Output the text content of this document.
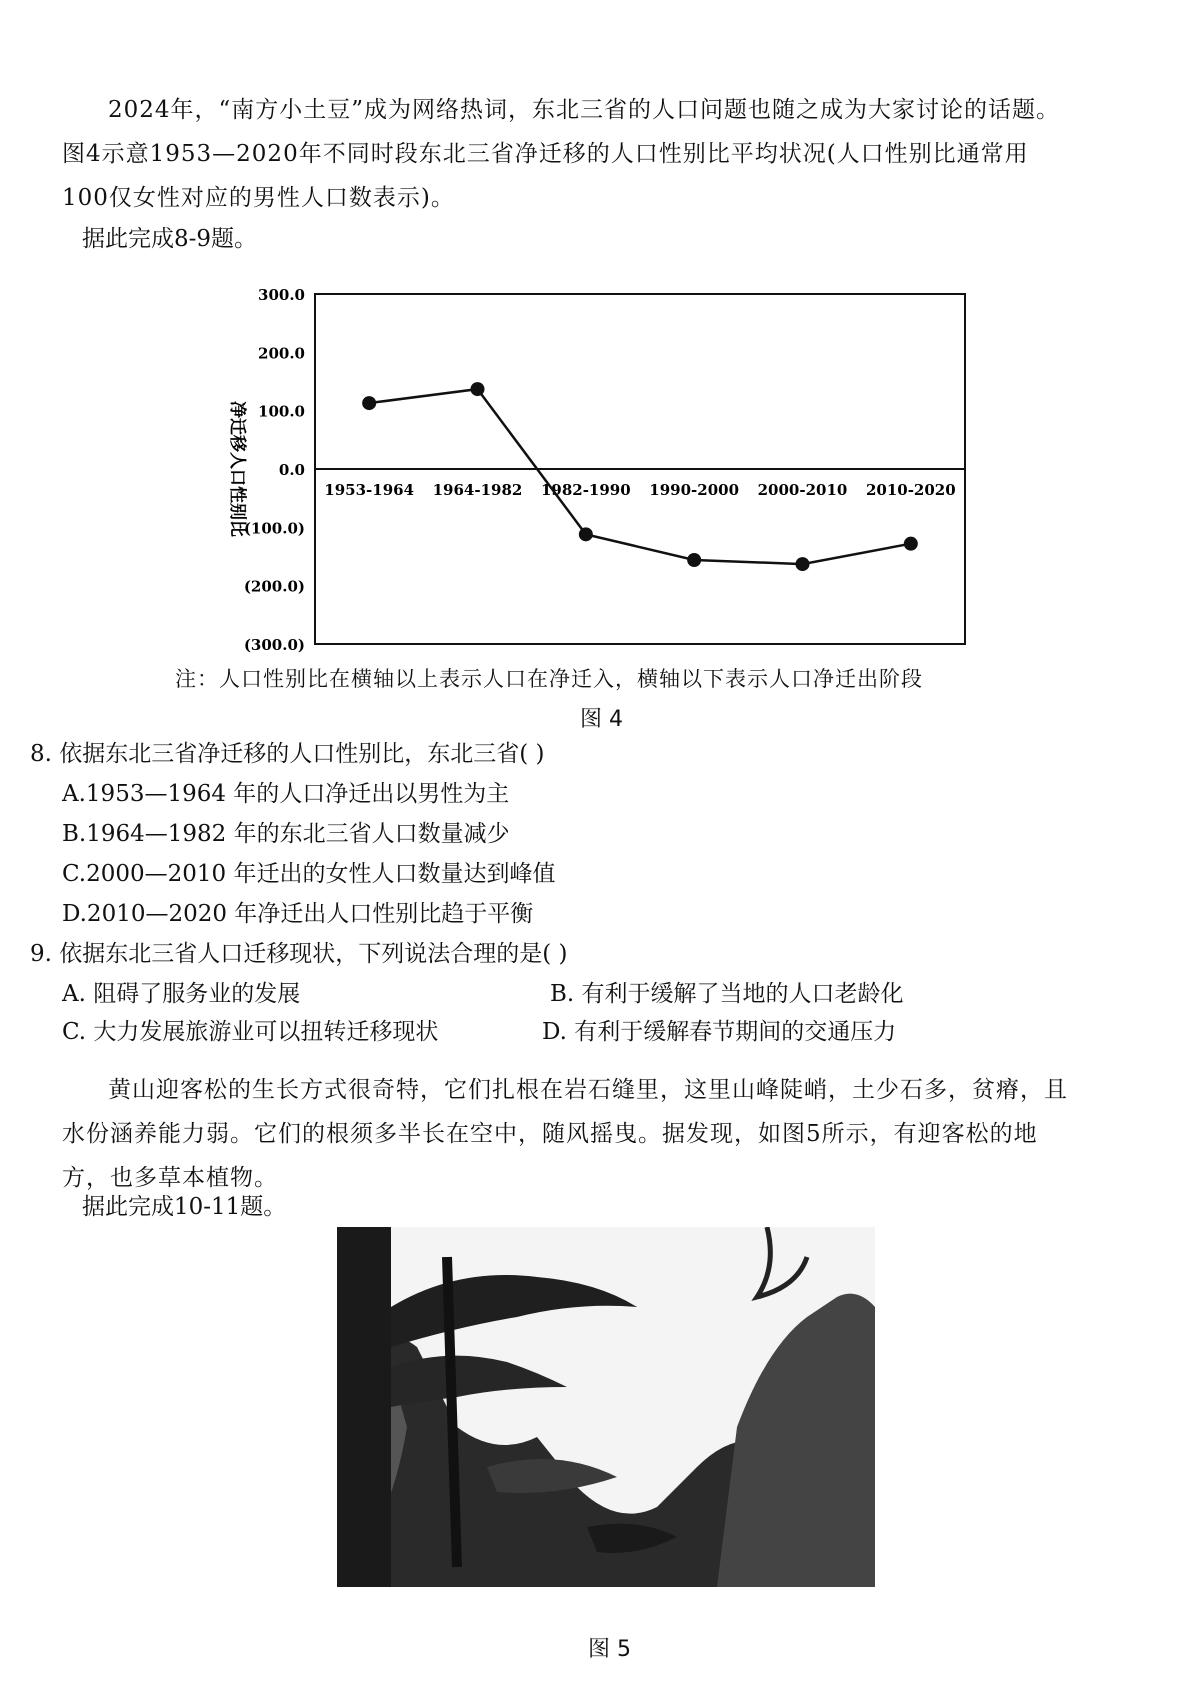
2024年，“南方小土豆”成为网络热词，东北三省的人口问题也随之成为大家讨论的话题。图4示意1953—2020年不同时段东北三省净迁移的人口性别比平均状况(人口性别比通常用100仅女性对应的男性人口数表示)。
据此完成8-9题。
300.0
200.0
100.0
0.0
(100.0)
(200.0)
(300.0)
1953-1964 1964-1982 1982-1990 1990-2000 2000-2010 2010-2020
净迁移人口性别比
注：人口性别比在横轴以上表示人口在净迁入，横轴以下表示人口净迁出阶段
图 4
8. 依据东北三省净迁移的人口性别比，东北三省( )
A.1953—1964 年的人口净迁出以男性为主
B.1964—1982 年的东北三省人口数量减少
C.2000—2010 年迁出的女性人口数量达到峰值
D.2010—2020 年净迁出人口性别比趋于平衡
9. 依据东北三省人口迁移现状，下列说法合理的是( )
A. 阻碍了服务业的发展	B. 有利于缓解了当地的人口老龄化
C. 大力发展旅游业可以扭转迁移现状	D. 有利于缓解春节期间的交通压力
黄山迎客松的生长方式很奇特，它们扎根在岩石缝里，这里山峰陡峭，土少石多，贫瘠，且水份涵养能力弱。它们的根须多半长在空中，随风摇曳。据发现，如图5所示，有迎客松的地方，也多草本植物。
据此完成10-11题。
图 5
